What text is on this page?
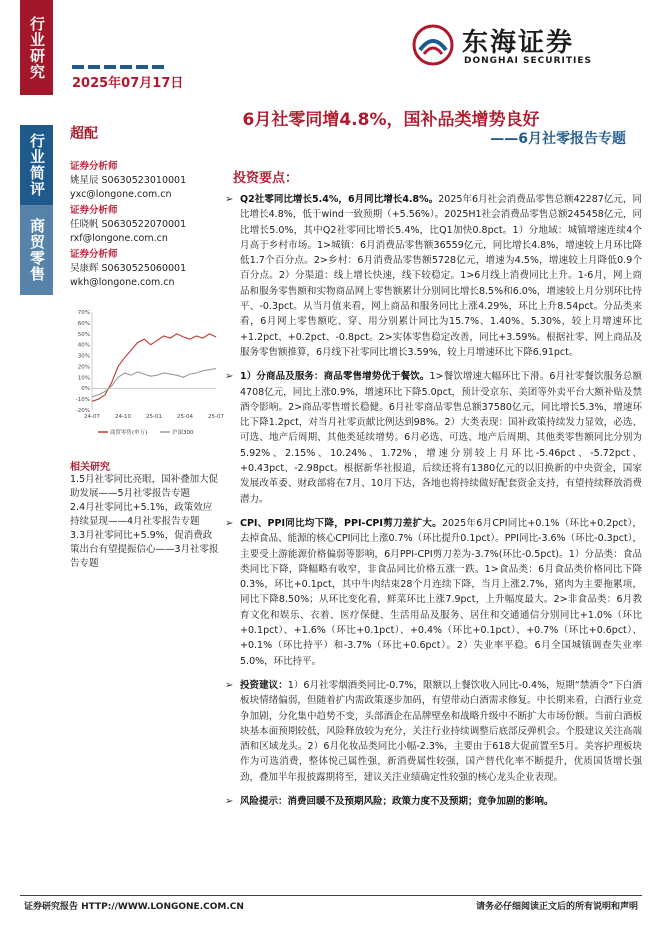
行业研究
行业简评
商贸零售
2025年07月17日
东海证券
DONGHAI SECURITIES
6月社零同增4.8%，国补品类增势良好
——6月社零报告专题
超配
证券分析师
姚星辰 S0630523010001
yxc@longone.com.cn
证券分析师
任晓帆 S0630522070001
rxf@longone.com.cn
证券分析师
吴康辉 S0630525060001
wkh@longone.com.cn
70%
60%
50%
40%
30%
20%
10%
0%
-10%
-20%
24-07	24-10	25-01	25-04	25-07
商贸零售(申万)	沪深300
相关研究

1.5月社零同比亮眼，国补叠加大促助发展——5月社零报告专题

2.4月社零同比+5.1%，政策效应持续显现——4月社零报告专题

3.3月社零同比+5.9%，促消费政策出台有望提振信心——3月社零报告专题

投资要点：
➢ Q2社零同比增长5.4%，6月同比增长4.8%。2025年6月社会消费品零售总额42287亿元，同比增长4.8%，低于wind一致预期（+5.56%）。2025H1社会消费品零售总额245458亿元，同比增长5.0%，其中Q2社零同比增长5.4%，比Q1加快0.8pct。1）分地域：城镇增速连续4个月高于乡村市场。1>城镇：6月消费品零售额36559亿元，同比增长4.8%，增速较上月环比降低1.7个百分点。2>乡村：6月消费品零售额5728亿元，增速为4.5%，增速较上月降低0.9个百分点。2）分渠道：线上增长快速，线下较稳定。1>6月线上消费同比上升。1-6月，网上商品和服务零售额和实物商品网上零售额累计分别同比增长8.5%和6.0%，增速较上月分别环比持平、-0.3pct。从当月值来看，网上商品和服务同比上涨4.29%，环比上升8.54pct。分品类来看，6月网上零售额吃、穿、用分别累计同比为15.7%、1.40%、5.30%，较上月增速环比+1.2pct、+0.2pct、-0.8pct。2>实体零售稳定改善，同比+3.59%。根据社零、网上商品及服务零售额推算，6月线下社零同比增长3.59%，较上月增速环比下降6.91pct。
➢ 1）分商品及服务：商品零售增势优于餐饮。1>餐饮增速大幅环比下滑。6月社零餐饮服务总额4708亿元，同比上涨0.9%，增速环比下降5.0pct，预计受京东、美团等外卖平台大额补贴及禁酒令影响。2>商品零售增长稳健。6月社零商品零售总额37580亿元，同比增长5.3%，增速环比下降1.2pct，对当月社零贡献比例达到98%。2）大类表现：国补政策持续发力显效，必选、可选、地产后周期、其他类延续增势。6月必选、可选、地产后周期、其他类零售额同比分别为5.92%、2.15%、10.24%、1.72%，增速分别较上月环比-5.46pct、-5.72pct、+0.43pct、-2.98pct。根据新华社报道，后续还将有1380亿元的以旧换新的中央资金，国家发展改革委、财政部将在7月、10月下达，各地也将持续做好配套资金支持，有望持续释放消费潜力。
➢ CPI、PPI同比均下降，PPI-CPI剪刀差扩大。2025年6月CPI同比+0.1%（环比+0.2pct），去掉食品、能源的核心CPI同比上涨0.7%（环比提升0.1pct）。PPI同比-3.6%（环比-0.3pct），主要受上游能源价格偏弱等影响，6月PPI-CPI剪刀差为-3.7%(环比-0.5pct)。1）分品类：食品类同比下降，降幅略有收窄，非食品同比价格五涨一跌。1>食品类：6月食品类价格同比下降0.3%，环比+0.1pct，其中牛肉结束28个月连续下降，当月上涨2.7%，猪肉为主要拖累项，同比下降8.50%；从环比变化看，鲜菜环比上涨7.9pct，上升幅度最大。2>非食品类：6月教育文化和娱乐、衣着、医疗保健、生活用品及服务、居住和交通通信分别同比+1.0%（环比+0.1pct）、+1.6%（环比+0.1pct）、+0.4%（环比+0.1pct）、+0.7%（环比+0.6pct）、+0.1%（环比持平）和-3.7%（环比+0.6pct）。2）失业率平稳。6月全国城镇调查失业率5.0%，环比持平。
➢ 投资建议：1）6月社零烟酒类同比-0.7%，限额以上餐饮收入同比-0.4%，短期“禁酒令”下白酒板块情绪偏弱，但随着扩内需政策逐步加码，有望带动白酒需求修复。中长期来看，白酒行业竞争加剧，分化集中趋势不变，头部酒企在品牌壁垒和战略升级中不断扩大市场份额。当前白酒板块基本面预期较低，风险释放较为充分，关注行业持续调整后底部反弹机会。个股建议关注高端酒和区域龙头。2）6月化妆品类同比小幅-2.3%，主要由于618大促前置至5月。美容护理板块作为可选消费，整体悦己属性强，新消费属性较强，国产替代化率不断提升，优质国货增长强劲，叠加半年报披露期将至，建议关注业绩确定性较强的核心龙头企业表现。
➢ 风险提示：消费回暖不及预期风险；政策力度不及预期；竞争加剧的影响。
证券研究报告 HTTP://WWW.LONGONE.COM.CN	请务必仔细阅读正文后的所有说明和声明
